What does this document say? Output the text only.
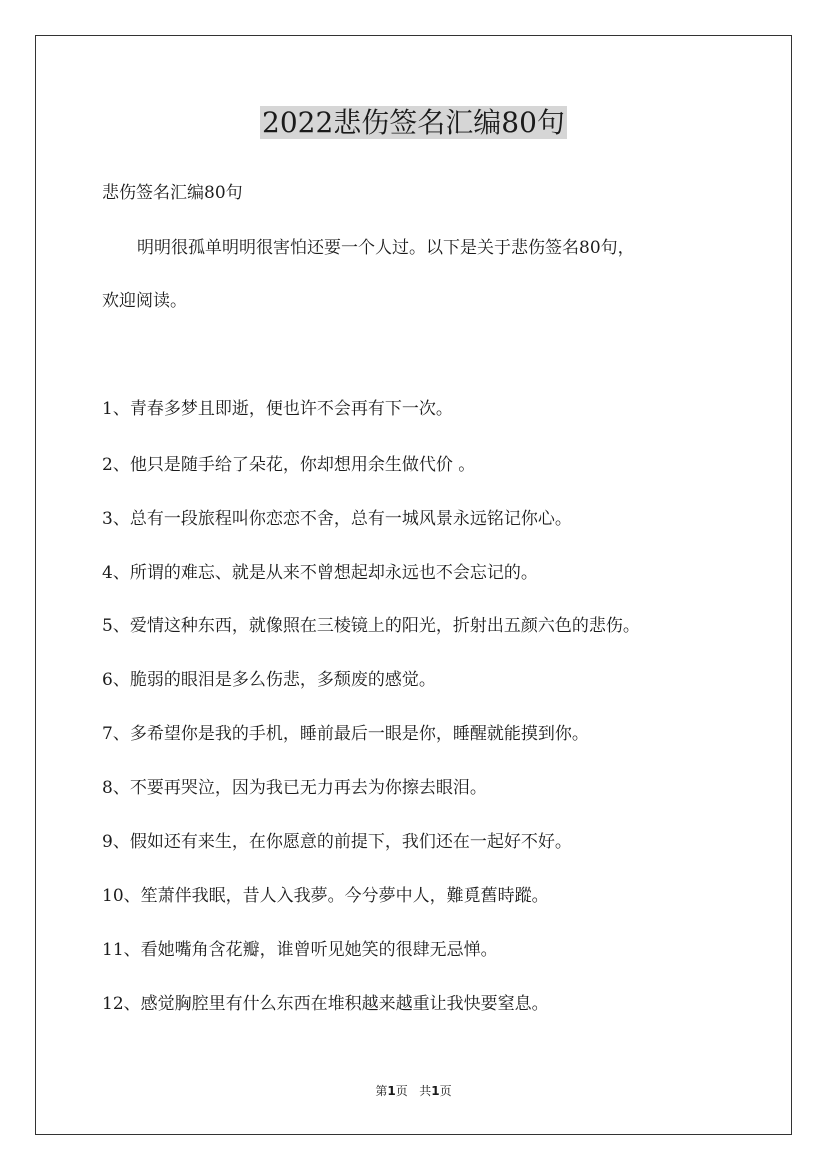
2022悲伤签名汇编80句
悲伤签名汇编80句
明明很孤单明明很害怕还要一个人过。以下是关于悲伤签名80句，
欢迎阅读。
1、青春多梦且即逝，便也许不会再有下一次。
2、他只是随手给了朵花，你却想用余生做代价 。
3、总有一段旅程叫你恋恋不舍，总有一城风景永远铭记你心。
4、所谓的难忘、就是从来不曾想起却永远也不会忘记的。
5、爱情这种东西，就像照在三棱镜上的阳光，折射出五颜六色的悲伤。
6、脆弱的眼泪是多么伤悲，多颓废的感觉。
7、多希望你是我的手机，睡前最后一眼是你，睡醒就能摸到你。
8、不要再哭泣，因为我已无力再去为你擦去眼泪。
9、假如还有来生，在你愿意的前提下，我们还在一起好不好。
10、笙萧伴我眠，昔人入我夢。今兮夢中人，難覓舊時蹤。
11、看她嘴角含花瓣，谁曾听见她笑的很肆无忌惮。
12、感觉胸腔里有什么东西在堆积越来越重让我快要窒息。
第1页 共1页
